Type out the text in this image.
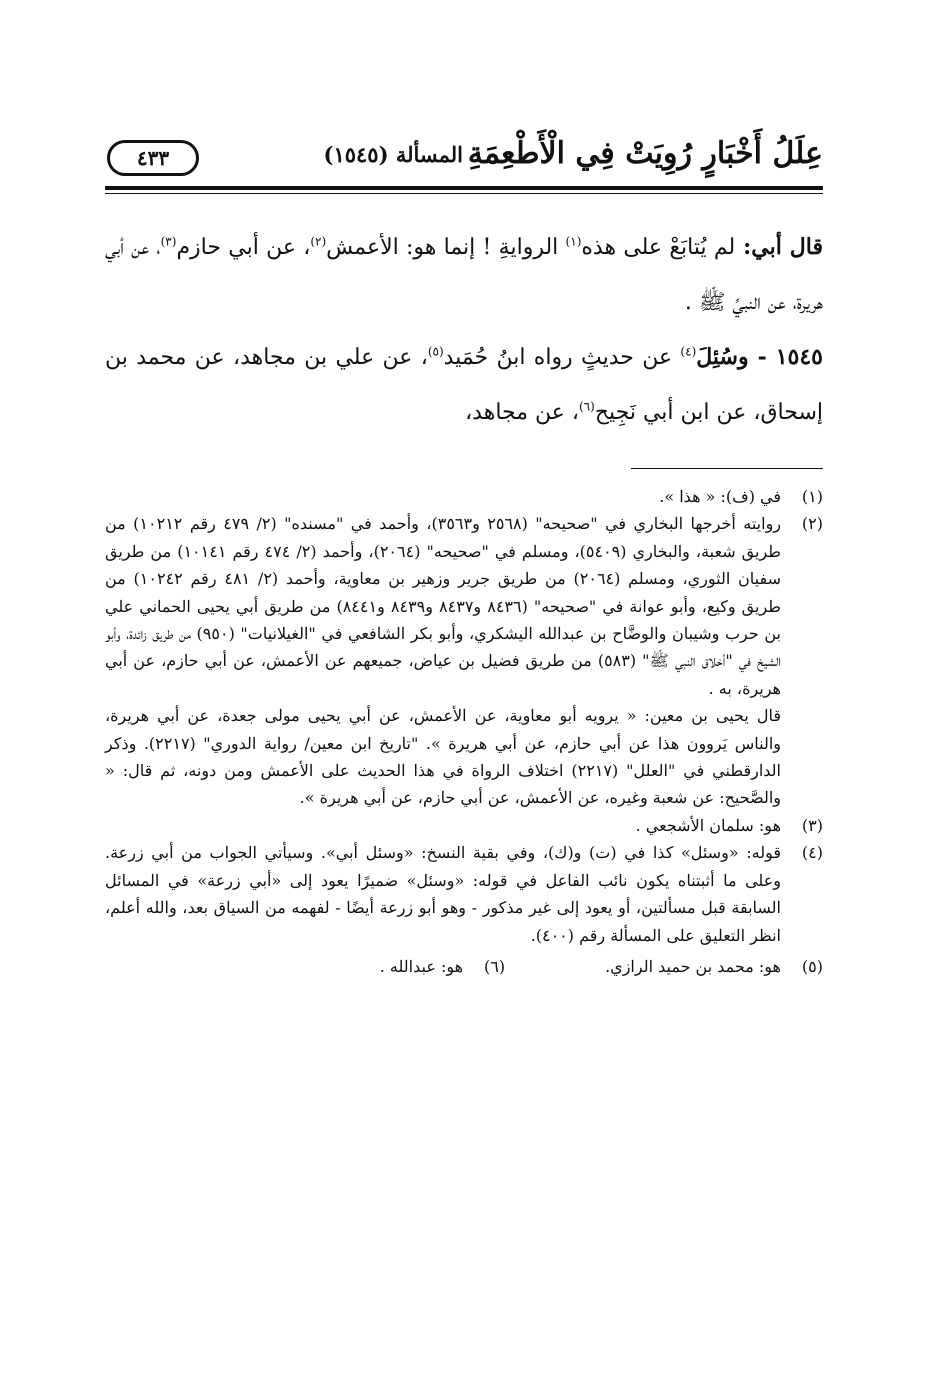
عِلَلُ أَخْبَارٍ رُوِيَتْ فِي الْأَطْعِمَةِ
المسألة (١٥٤٥)
٤٣٣

قال أبي: لم يُتابَعْ على هذه$^{(١)}$ الروايةِ ! إنما هو: الأعمش$^{(٢)}$، عن أبي حازم$^{(٣)}$، عن أبي هريرة، عن النبيِّ ﷺ .

١٥٤٥ - وسُئِلَ$^{(٤)}$ عن حديثٍ رواه ابنُ حُمَيد$^{(٥)}$، عن علي بن مجاهد، عن محمد بن إسحاق، عن ابن أبي نَجِيح$^{(٦)}$، عن مجاهد،

(١)
في (ف): « هذا ».
(٢)
روايته أخرجها البخاري في "صحيحه" (٢٥٦٨ و٣٥٦٣)، وأحمد في "مسنده" (٢/ ٤٧٩ رقم ١٠٢١٢) من طريق شعبة، والبخاري (٥٤٠٩)، ومسلم في "صحيحه" (٢٠٦٤)، وأحمد (٢/ ٤٧٤ رقم ١٠١٤١) من طريق سفيان الثوري، ومسلم (٢٠٦٤) من طريق جرير وزهير بن معاوية، وأحمد (٢/ ٤٨١ رقم ١٠٢٤٢) من طريق وكيع، وأبو عوانة في "صحيحه" (٨٤٣٦ و٨٤٣٧ و٨٤٣٩ و٨٤٤١) من طريق أبي يحيى الحماني علي بن حرب وشيبان والوضَّاح بن عبدالله اليشكري، وأبو بكر الشافعي في "الغيلانيات" (٩٥٠) من طريق زائدة، وأبو الشيخ في "أخلاق النبي ﷺ" (٥٨٣) من طريق فضيل بن عياض، جميعهم عن الأعمش، عن أبي حازم، عن أبي هريرة، به .
قال يحيى بن معين: « يرويه أبو معاوية، عن الأعمش، عن أبي يحيى مولى جعدة، عن أبي هريرة، والناس يَروون هذا عن أبي حازم، عن أبي هريرة ». "تاريخ ابن معين/ رواية الدوري" (٢٢١٧). وذكر الدارقطني في "العلل" (٢٢١٧) اختلاف الرواة في هذا الحديث على الأعمش ومن دونه، ثم قال: « والصَّحيح: عن شعبة وغيره، عن الأعمش، عن أبي حازم، عن أبي هريرة ».
(٣)
هو: سلمان الأشجعي .
(٤)
قوله: «وسئل» كذا في (ت) و(ك)، وفي بقية النسخ: «وسئل أبي». وسيأتي الجواب من أبي زرعة. وعلى ما أثبتناه يكون نائب الفاعل في قوله: «وسئل» ضميرًا يعود إلى «أبي زرعة» في المسائل السابقة قبل مسألتين، أو يعود إلى غير مذكور - وهو أبو زرعة أيضًا - لفهمه من السياق بعد، والله أعلم، انظر التعليق على المسألة رقم (٤٠٠).
(٥)
هو: محمد بن حميد الرازي.
(٦)
هو: عبدالله .
